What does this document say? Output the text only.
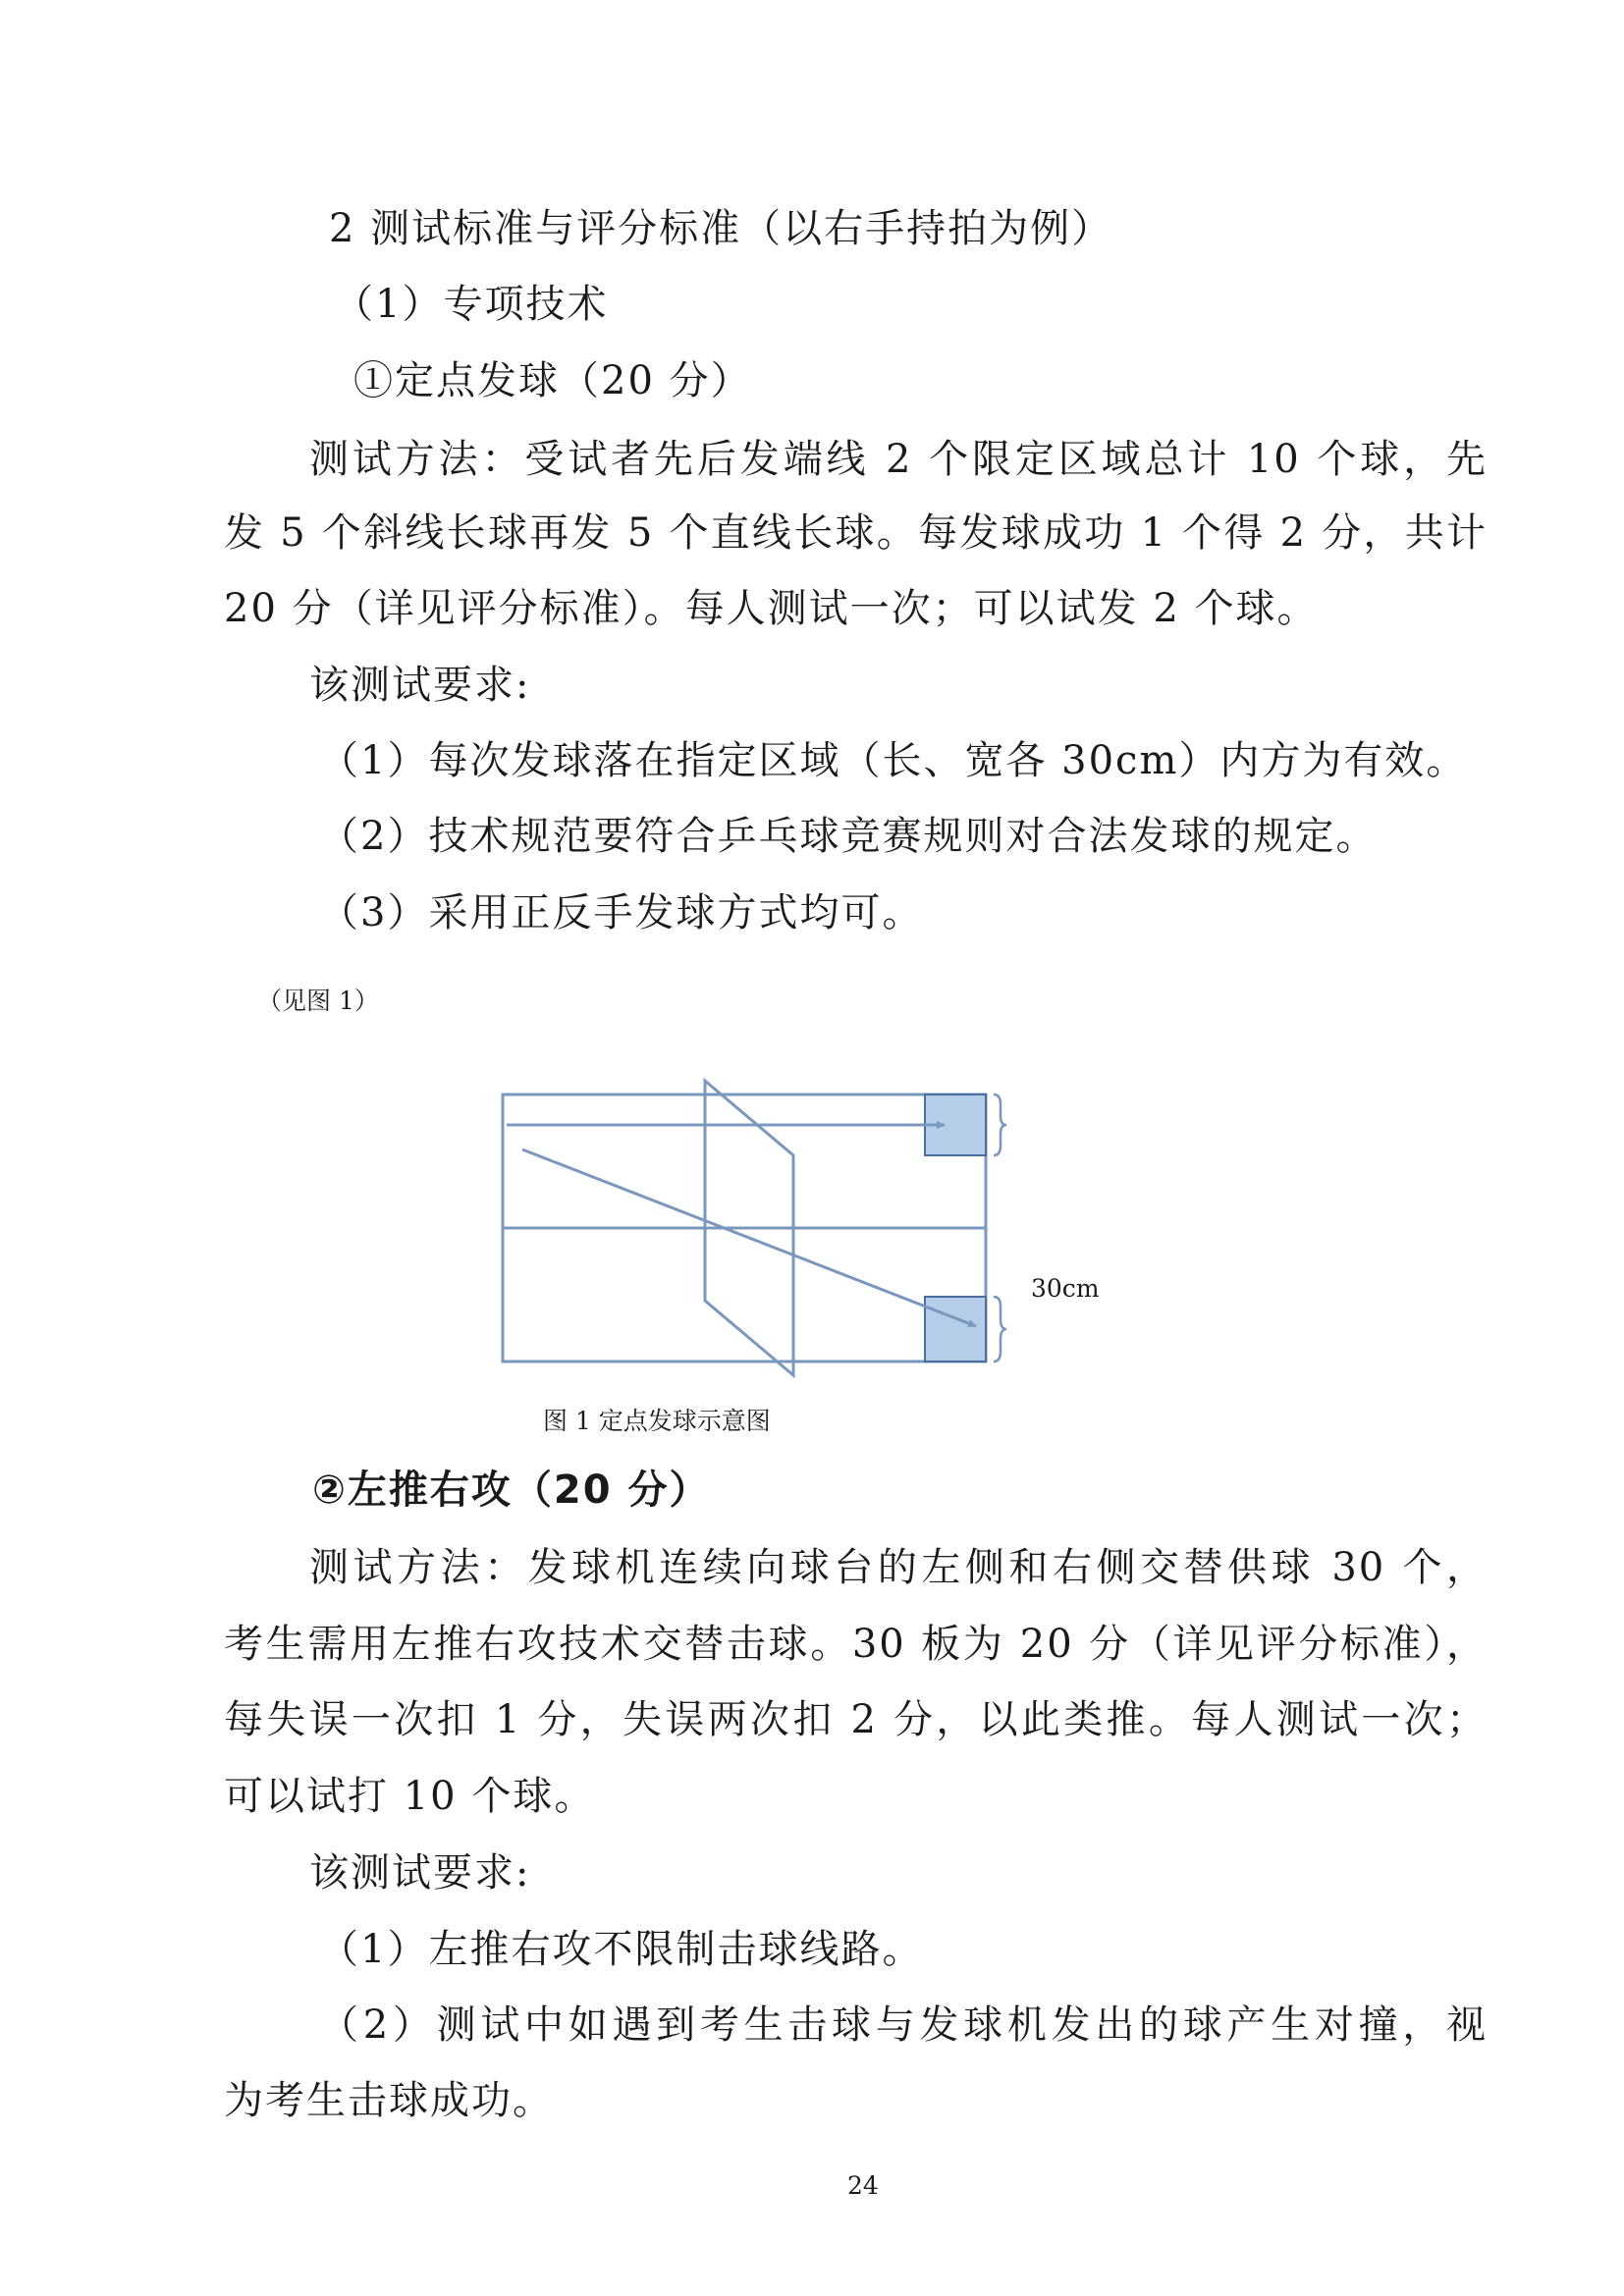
2 测试标准与评分标准（以右手持拍为例）
（1）专项技术
①定点发球（20 分）
测试方法：受试者先后发端线 2 个限定区域总计 10 个球，先
发 5 个斜线长球再发 5 个直线长球。每发球成功 1 个得 2 分，共计
20 分（详见评分标准）。每人测试一次；可以试发 2 个球。
该测试要求:
（1）每次发球落在指定区域（长、宽各 30cm）内方为有效。
（2）技术规范要符合乒乓球竞赛规则对合法发球的规定。
（3）采用正反手发球方式均可。
（见图 1）
30cm
图 1 定点发球示意图
②左推右攻（20 分）
测试方法：发球机连续向球台的左侧和右侧交替供球 30 个，
考生需用左推右攻技术交替击球。30 板为 20 分（详见评分标准），
每失误一次扣 1 分，失误两次扣 2 分，以此类推。每人测试一次；
可以试打 10 个球。
该测试要求:
（1）左推右攻不限制击球线路。
（2）测试中如遇到考生击球与发球机发出的球产生对撞，视
为考生击球成功。
24
